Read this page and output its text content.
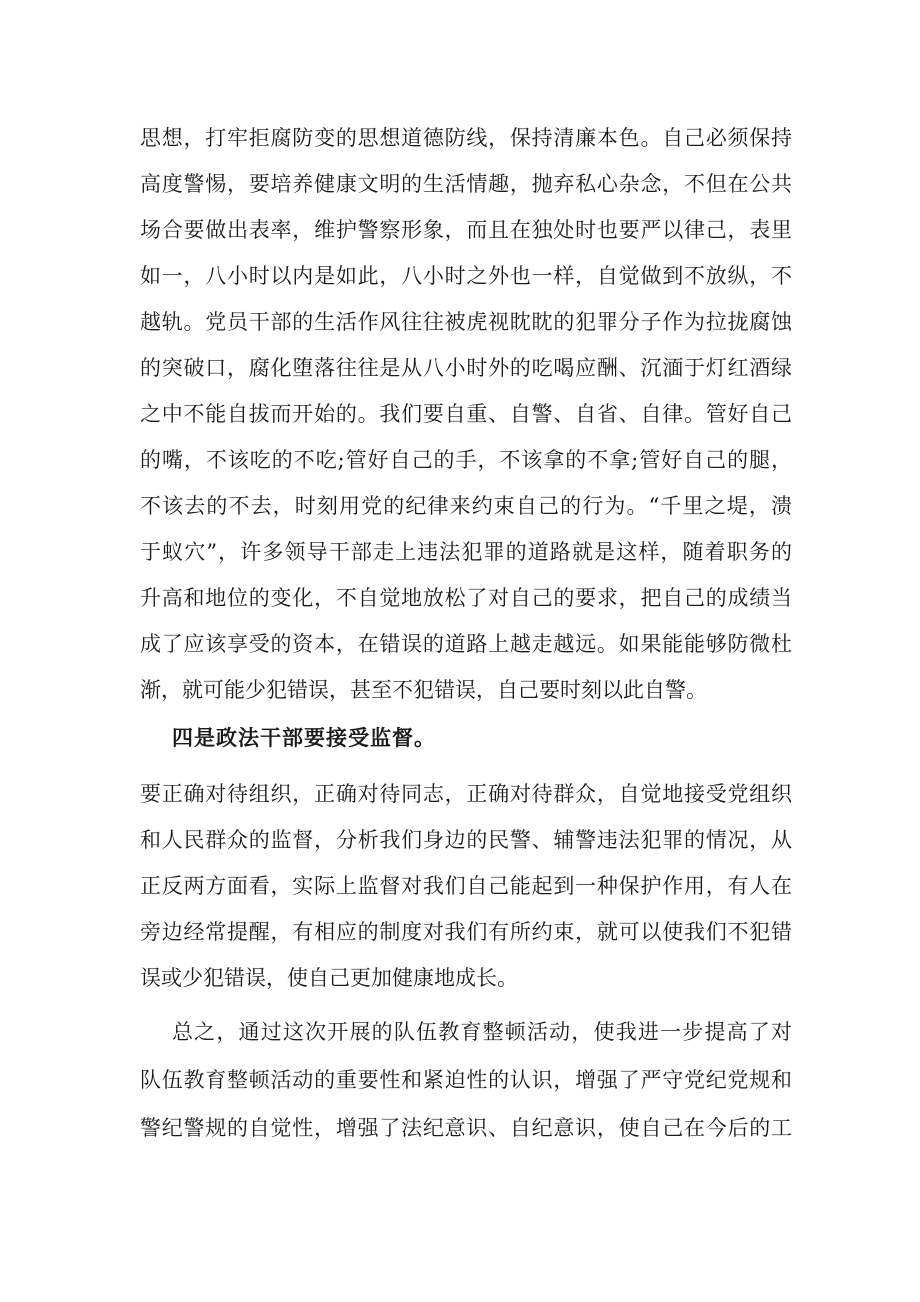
思想，打牢拒腐防变的思想道德防线，保持清廉本色。自己必须保持
高度警惕，要培养健康文明的生活情趣，抛弃私心杂念，不但在公共
场合要做出表率，维护警察形象，而且在独处时也要严以律己，表里
如一，八小时以内是如此，八小时之外也一样，自觉做到不放纵，不
越轨。党员干部的生活作风往往被虎视眈眈的犯罪分子作为拉拢腐蚀
的突破口，腐化堕落往往是从八小时外的吃喝应酬、沉湎于灯红酒绿
之中不能自拔而开始的。我们要自重、自警、自省、自律。管好自己
的嘴，不该吃的不吃;管好自己的手，不该拿的不拿;管好自己的腿，
不该去的不去，时刻用党的纪律来约束自己的行为。“千里之堤，溃
于蚁穴”，许多领导干部走上违法犯罪的道路就是这样，随着职务的
升高和地位的变化，不自觉地放松了对自己的要求，把自己的成绩当
成了应该享受的资本，在错误的道路上越走越远。如果能能够防微杜
渐，就可能少犯错误，甚至不犯错误，自己要时刻以此自警。
四是政法干部要接受监督。
要正确对待组织，正确对待同志，正确对待群众，自觉地接受党组织
和人民群众的监督，分析我们身边的民警、辅警违法犯罪的情况，从
正反两方面看，实际上监督对我们自己能起到一种保护作用，有人在
旁边经常提醒，有相应的制度对我们有所约束，就可以使我们不犯错
误或少犯错误，使自己更加健康地成长。
总之，通过这次开展的队伍教育整顿活动，使我进一步提高了对
队伍教育整顿活动的重要性和紧迫性的认识，增强了严守党纪党规和
警纪警规的自觉性，增强了法纪意识、自纪意识，使自己在今后的工
